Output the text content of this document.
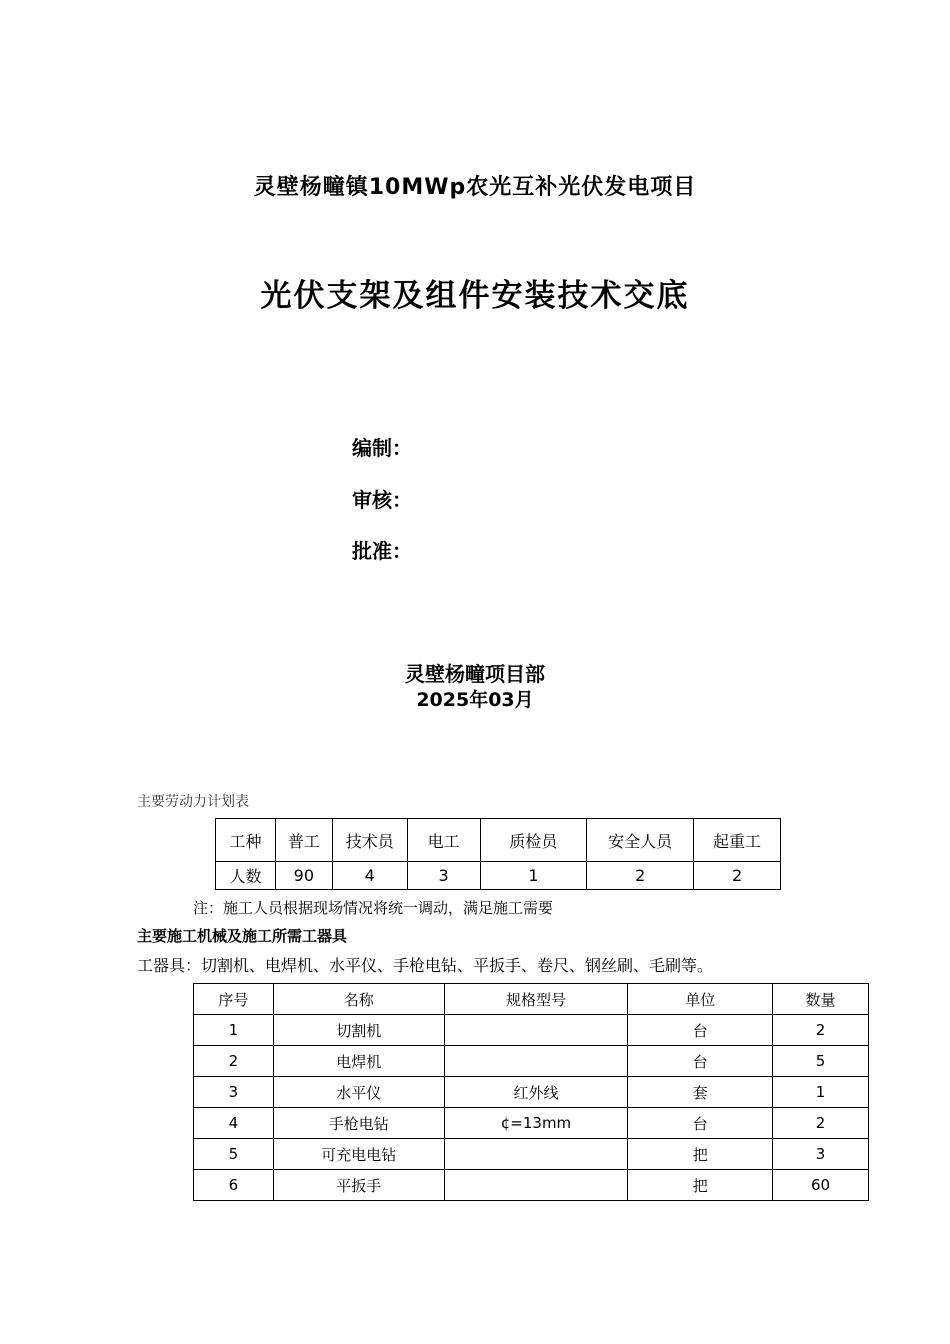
灵壁杨疃镇10MWp农光互补光伏发电项目
光伏支架及组件安装技术交底
编制：
审核：
批准：
灵壁杨疃项目部
2025年03月
主要劳动力计划表
工种	普工	技术员	电工	质检员	安全人员	起重工
人数	90	4	3	1	2	2
注：施工人员根据现场情况将统一调动，满足施工需要
主要施工机械及施工所需工器具
工器具：切割机、电焊机、水平仪、手枪电钻、平扳手、卷尺、钢丝刷、毛刷等。
序号	名称	规格型号	单位	数量
1	切割机		台	2
2	电焊机		台	5
3	水平仪	红外线	套	1
4	手枪电钻	¢=13mm	台	2
5	可充电电钻		把	3
6	平扳手		把	60
